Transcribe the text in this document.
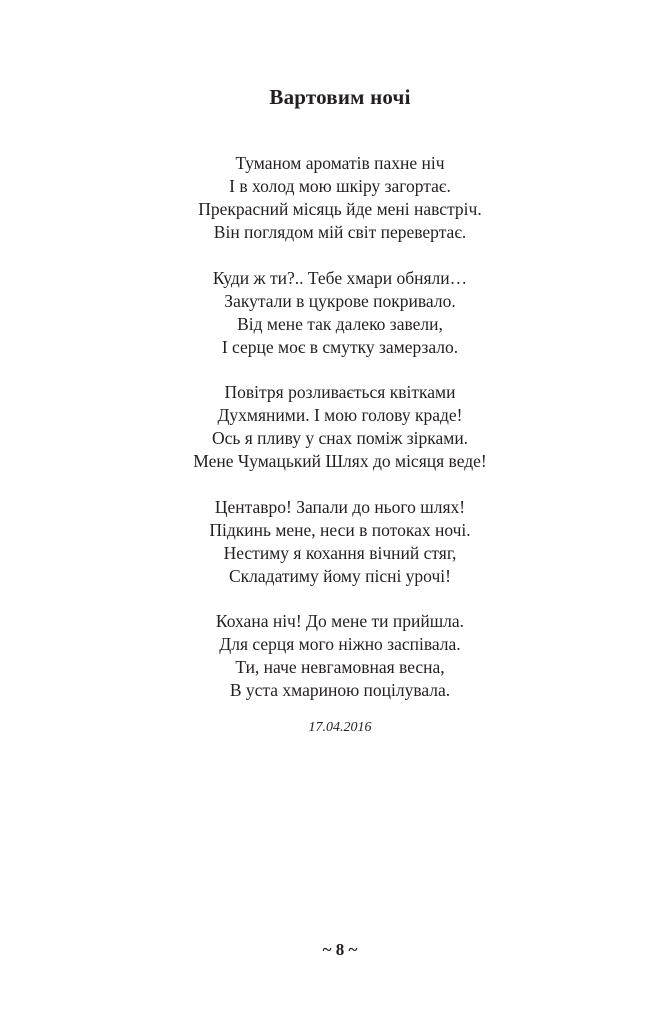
Вартовим ночі
Туманом ароматів пахне ніч
І в холод мою шкіру загортає.
Прекрасний місяць йде мені навстріч.
Він поглядом мій світ перевертає.
Куди ж ти?.. Тебе хмари обняли…
Закутали в цукрове покривало.
Від мене так далеко завели,
І серце моє в смутку замерзало.
Повітря розливається квітками
Духмяними. І мою голову краде!
Ось я пливу у снах поміж зірками.
Мене Чумацький Шлях до місяця веде!
Центавро! Запали до нього шлях!
Підкинь мене, неси в потоках ночі.
Нестиму я кохання вічний стяг,
Складатиму йому пісні урочі!
Кохана ніч! До мене ти прийшла.
Для серця мого ніжно заспівала.
Ти, наче невгамовная весна,
В уста хмариною поцілувала.
17.04.2016
~ 8 ~
